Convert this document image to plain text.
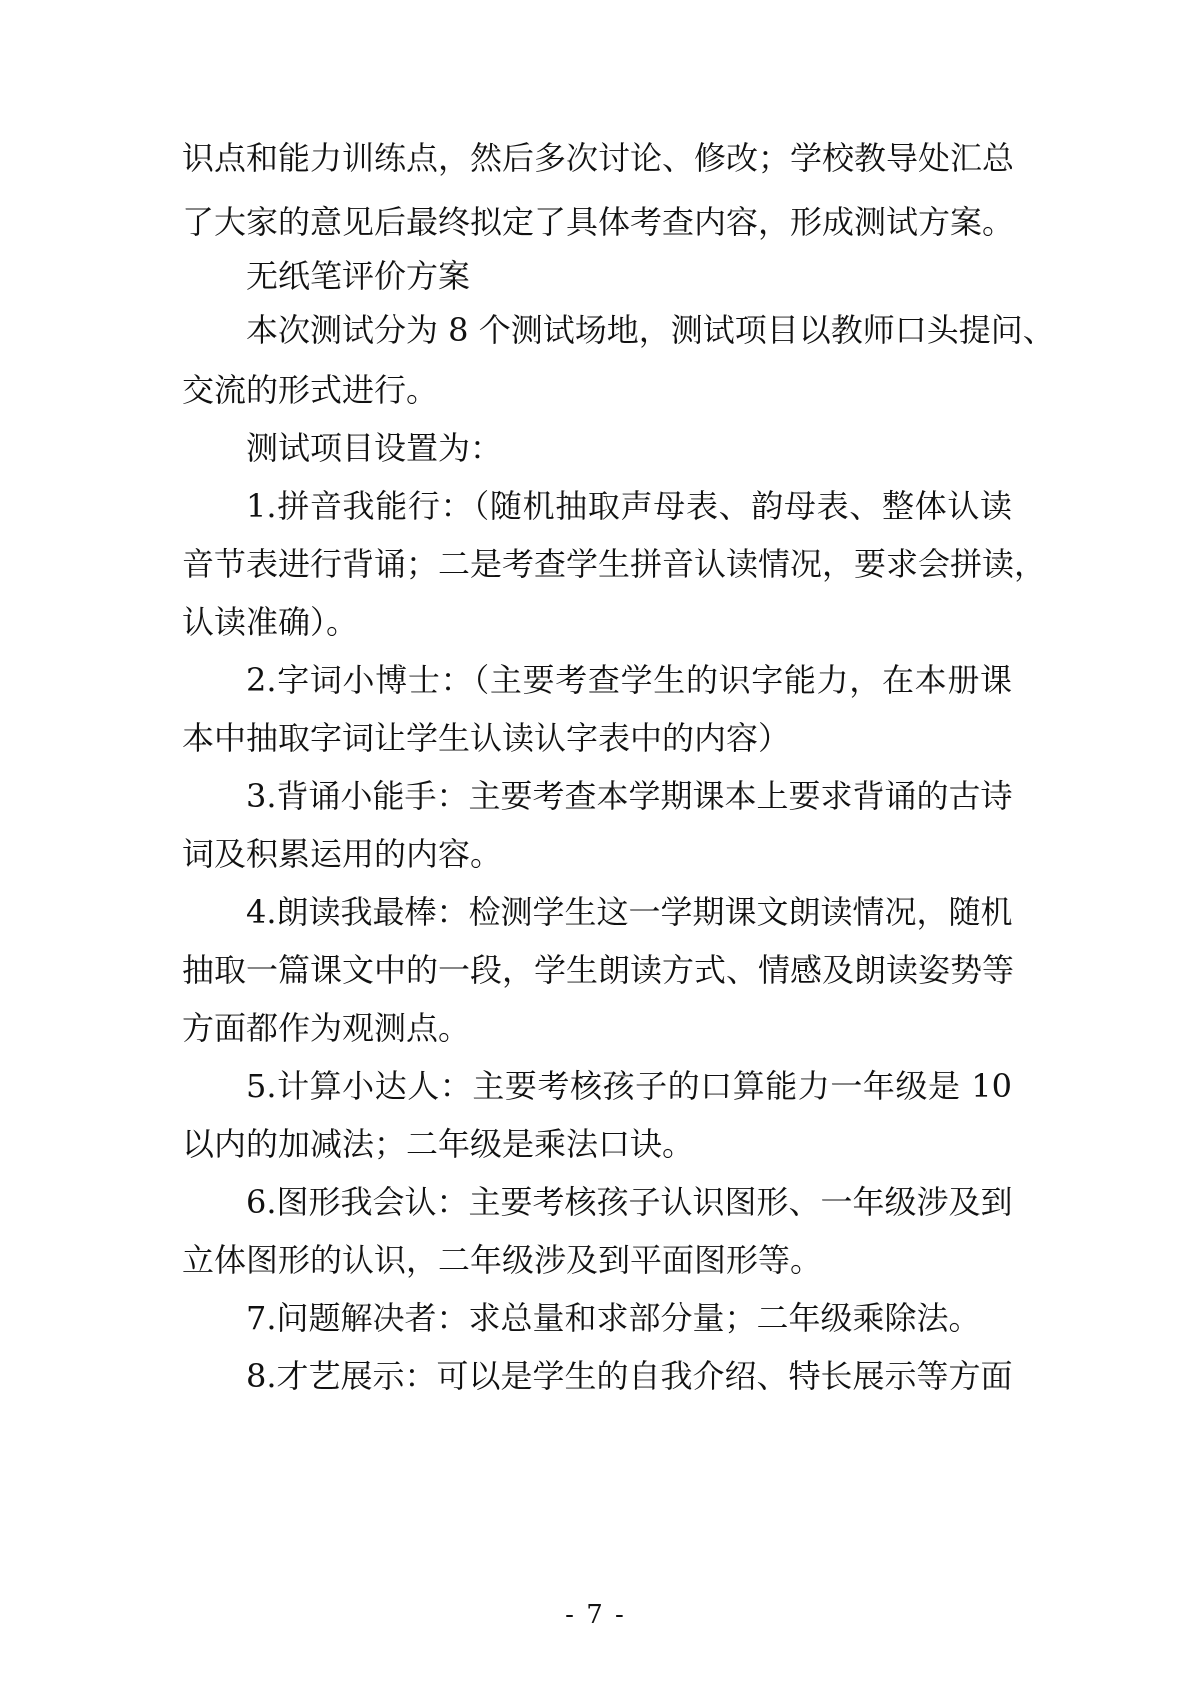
识点和能力训练点，然后多次讨论、修改；学校教导处汇总
了大家的意见后最终拟定了具体考查内容，形成测试方案。
无纸笔评价方案
本次测试分为 8 个测试场地，测试项目以教师口头提问、
交流的形式进行。
测试项目设置为：
1.拼音我能行：（随机抽取声母表、韵母表、整体认读
音节表进行背诵；二是考查学生拼音认读情况，要求会拼读，
认读准确）。
2.字词小博士：（主要考查学生的识字能力，在本册课
本中抽取字词让学生认读认字表中的内容）
3.背诵小能手：主要考查本学期课本上要求背诵的古诗
词及积累运用的内容。
4.朗读我最棒：检测学生这一学期课文朗读情况，随机
抽取一篇课文中的一段，学生朗读方式、情感及朗读姿势等
方面都作为观测点。
5.计算小达人：主要考核孩子的口算能力一年级是 10
以内的加减法；二年级是乘法口诀。
6.图形我会认：主要考核孩子认识图形、一年级涉及到
立体图形的认识，二年级涉及到平面图形等。
7.问题解决者：求总量和求部分量；二年级乘除法。
8.才艺展示：可以是学生的自我介绍、特长展示等方面
- 7 -
